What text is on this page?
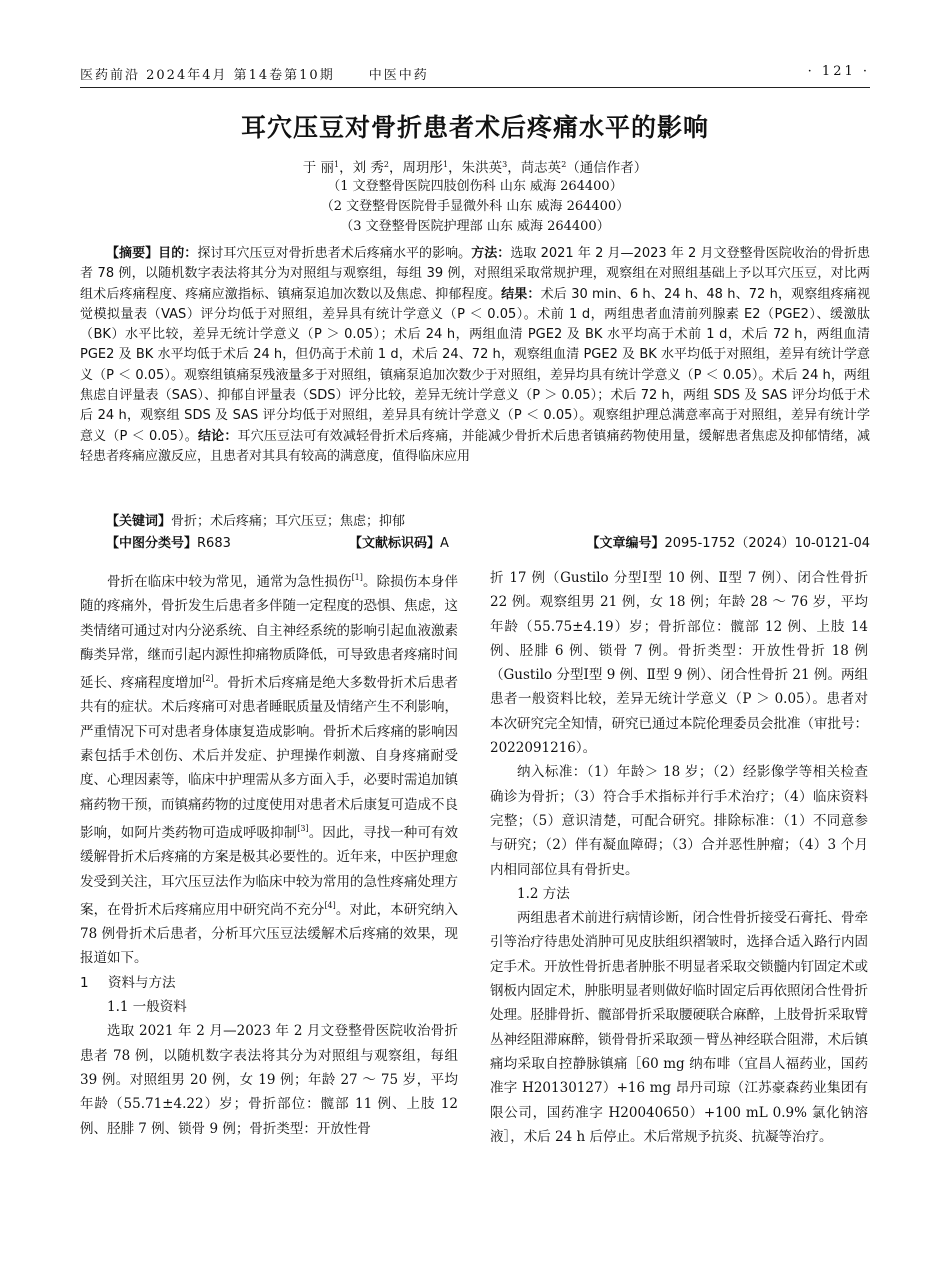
医药前沿 2024年4月 第14卷第10期	中医中药	· 121 ·
耳穴压豆对骨折患者术后疼痛水平的影响
于 丽$^1$，刘 秀$^2$，周玥彤$^1$，朱洪英$^3$，苘志英$^2$（通信作者）
（1 文登整骨医院四肢创伤科 山东 威海 264400）
（2 文登整骨医院骨手显微外科 山东 威海 264400）
（3 文登整骨医院护理部 山东 威海 264400）
【摘要】目的：探讨耳穴压豆对骨折患者术后疼痛水平的影响。方法：选取 2021 年 2 月—2023 年 2 月文登整骨医院收治的骨折患者 78 例，以随机数字表法将其分为对照组与观察组，每组 39 例，对照组采取常规护理，观察组在对照组基础上予以耳穴压豆，对比两组术后疼痛程度、疼痛应激指标、镇痛泵追加次数以及焦虑、抑郁程度。结果：术后 30 min、6 h、24 h、48 h、72 h，观察组疼痛视觉模拟量表（VAS）评分均低于对照组，差异具有统计学意义（P ＜ 0.05）。术前 1 d，两组患者血清前列腺素 E2（PGE2）、缓激肽（BK）水平比较，差异无统计学意义（P ＞ 0.05）；术后 24 h，两组血清 PGE2 及 BK 水平均高于术前 1 d，术后 72 h，两组血清 PGE2 及 BK 水平均低于术后 24 h，但仍高于术前 1 d，术后 24、72 h，观察组血清 PGE2 及 BK 水平均低于对照组，差异有统计学意义（P ＜ 0.05）。观察组镇痛泵残液量多于对照组，镇痛泵追加次数少于对照组，差异均具有统计学意义（P ＜ 0.05）。术后 24 h，两组焦虑自评量表（SAS）、抑郁自评量表（SDS）评分比较，差异无统计学意义（P ＞ 0.05）；术后 72 h，两组 SDS 及 SAS 评分均低于术后 24 h，观察组 SDS 及 SAS 评分均低于对照组，差异具有统计学意义（P ＜ 0.05）。观察组护理总满意率高于对照组，差异有统计学意义（P ＜ 0.05）。结论：耳穴压豆法可有效减轻骨折术后疼痛，并能减少骨折术后患者镇痛药物使用量，缓解患者焦虑及抑郁情绪，减轻患者疼痛应激反应，且患者对其具有较高的满意度，值得临床应用
【关键词】骨折；术后疼痛；耳穴压豆；焦虑；抑郁
【中图分类号】R683	【文献标识码】A	【文章编号】2095-1752（2024）10-0121-04

骨折在临床中较为常见，通常为急性损伤[1]。除损伤本身伴随的疼痛外，骨折发生后患者多伴随一定程度的恐惧、焦虑，这类情绪可通过对内分泌系统、自主神经系统的影响引起血液激素酶类异常，继而引起内源性抑痛物质降低，可导致患者疼痛时间延长、疼痛程度增加[2]。骨折术后疼痛是绝大多数骨折术后患者共有的症状。术后疼痛可对患者睡眠质量及情绪产生不利影响，严重情况下可对患者身体康复造成影响。骨折术后疼痛的影响因素包括手术创伤、术后并发症、护理操作刺激、自身疼痛耐受度、心理因素等，临床中护理需从多方面入手，必要时需追加镇痛药物干预，而镇痛药物的过度使用对患者术后康复可造成不良影响，如阿片类药物可造成呼吸抑制[3]。因此，寻找一种可有效缓解骨折术后疼痛的方案是极其必要性的。近年来，中医护理愈发受到关注，耳穴压豆法作为临床中较为常用的急性疼痛处理方案，在骨折术后疼痛应用中研究尚不充分[4]。对此，本研究纳入 78 例骨折术后患者，分析耳穴压豆法缓解术后疼痛的效果，现报道如下。

1 资料与方法

1.1 一般资料

选取 2021 年 2 月—2023 年 2 月文登整骨医院收治骨折患者 78 例，以随机数字表法将其分为对照组与观察组，每组 39 例。对照组男 20 例，女 19 例；年龄 27 ～ 75 岁，平均年龄（55.71±4.22）岁；骨折部位：髋部 11 例、上肢 12 例、胫腓 7 例、锁骨 9 例；骨折类型：开放性骨

折 17 例（Gustilo 分型Ⅰ型 10 例、Ⅱ型 7 例）、闭合性骨折 22 例。观察组男 21 例，女 18 例；年龄 28 ～ 76 岁，平均年龄（55.75±4.19）岁；骨折部位：髋部 12 例、上肢 14 例、胫腓 6 例、锁骨 7 例。骨折类型：开放性骨折 18 例（Gustilo 分型Ⅰ型 9 例、Ⅱ型 9 例）、闭合性骨折 21 例。两组患者一般资料比较，差异无统计学意义（P ＞ 0.05）。患者对本次研究完全知情，研究已通过本院伦理委员会批准（审批号：2022091216）。

纳入标准：（1）年龄＞ 18 岁；（2）经影像学等相关检查确诊为骨折；（3）符合手术指标并行手术治疗；（4）临床资料完整；（5）意识清楚，可配合研究。排除标准：（1）不同意参与研究；（2）伴有凝血障碍；（3）合并恶性肿瘤；（4）3 个月内相同部位具有骨折史。

1.2 方法

两组患者术前进行病情诊断，闭合性骨折接受石膏托、骨牵引等治疗待患处消肿可见皮肤组织褶皱时，选择合适入路行内固定手术。开放性骨折患者肿胀不明显者采取交锁髓内钉固定术或钢板内固定术，肿胀明显者则做好临时固定后再依照闭合性骨折处理。胫腓骨折、髋部骨折采取腰硬联合麻醉，上肢骨折采取臂丛神经阻滞麻醉，锁骨骨折采取颈－臂丛神经联合阻滞，术后镇痛均采取自控静脉镇痛［60 mg 纳布啡（宜昌人福药业，国药准字 H20130127）+16 mg 昂丹司琼（江苏豪森药业集团有限公司，国药准字 H20040650）+100 mL 0.9% 氯化钠溶液］，术后 24 h 后停止。术后常规予抗炎、抗凝等治疗。
